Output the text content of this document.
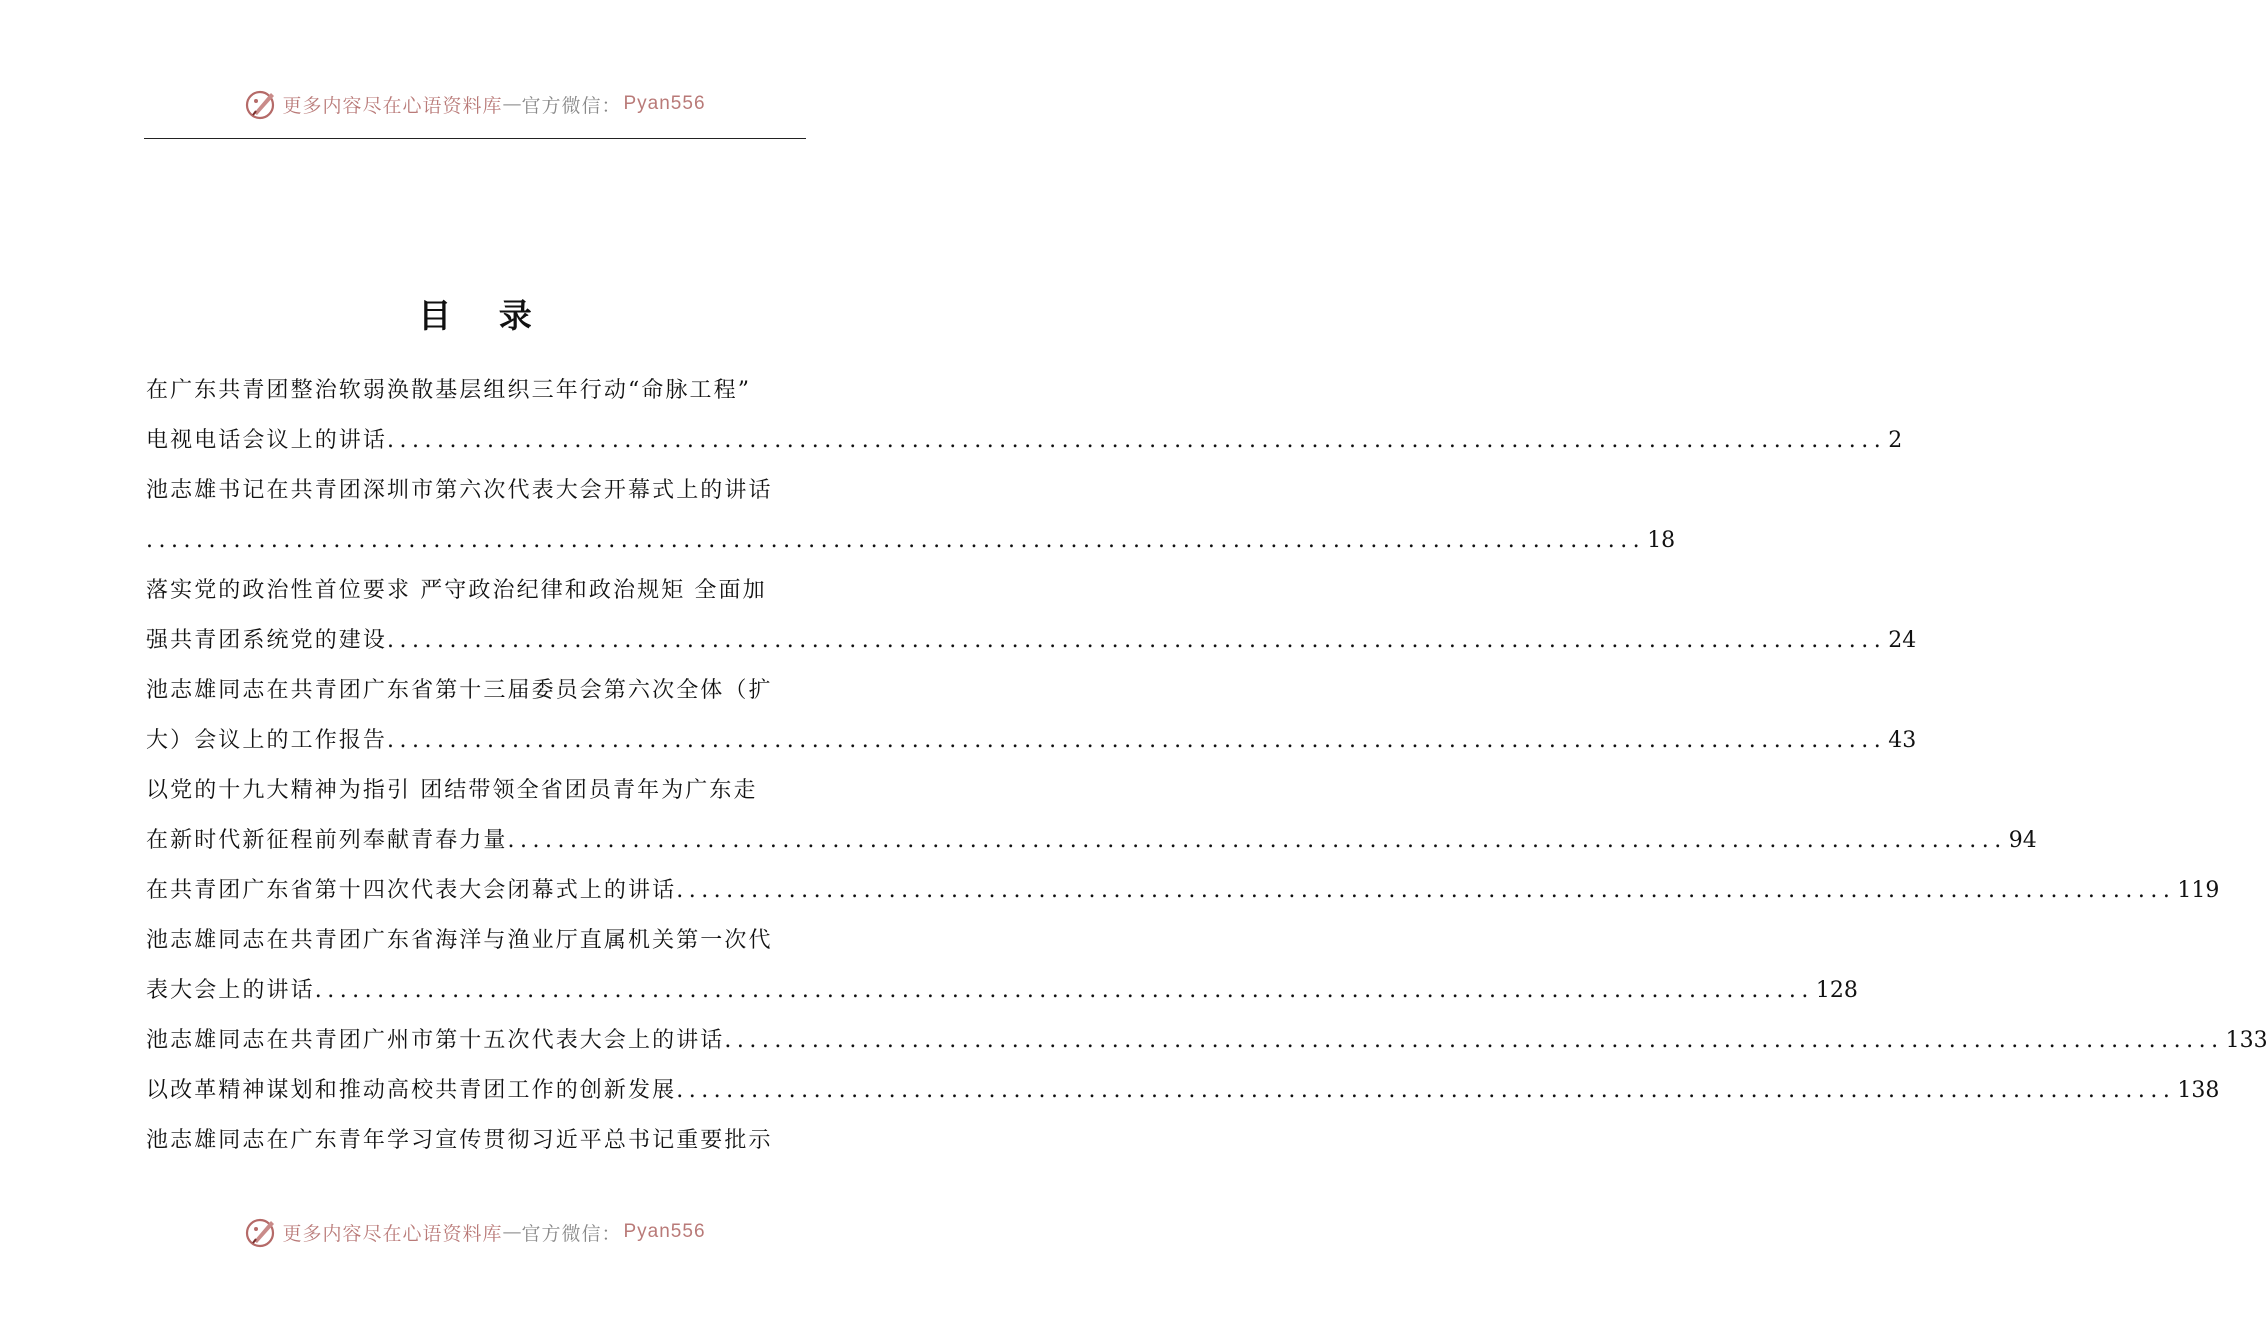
更多内容尽在心语资料库 — 官方微信： Pyan556
目 录
在广东共青团整治软弱涣散基层组织三年行动“命脉工程”
电视电话会议上的讲话 ........................................................................................................................ 2
池志雄书记在共青团深圳市第六次代表大会开幕式上的讲话
........................................................................................................................ 18
落实党的政治性首位要求 严守政治纪律和政治规矩 全面加
强共青团系统党的建设 ........................................................................................................................ 24
池志雄同志在共青团广东省第十三届委员会第六次全体（扩
大）会议上的工作报告 ........................................................................................................................ 43
以党的十九大精神为指引 团结带领全省团员青年为广东走
在新时代新征程前列奉献青春力量 ........................................................................................................................ 94
在共青团广东省第十四次代表大会闭幕式上的讲话 ........................................................................................................................ 119
池志雄同志在共青团广东省海洋与渔业厅直属机关第一次代
表大会上的讲话 ........................................................................................................................ 128
池志雄同志在共青团广州市第十五次代表大会上的讲话 ........................................................................................................................ 133
以改革精神谋划和推动高校共青团工作的创新发展 ........................................................................................................................ 138
池志雄同志在广东青年学习宣传贯彻习近平总书记重要批示
更多内容尽在心语资料库 — 官方微信： Pyan556
